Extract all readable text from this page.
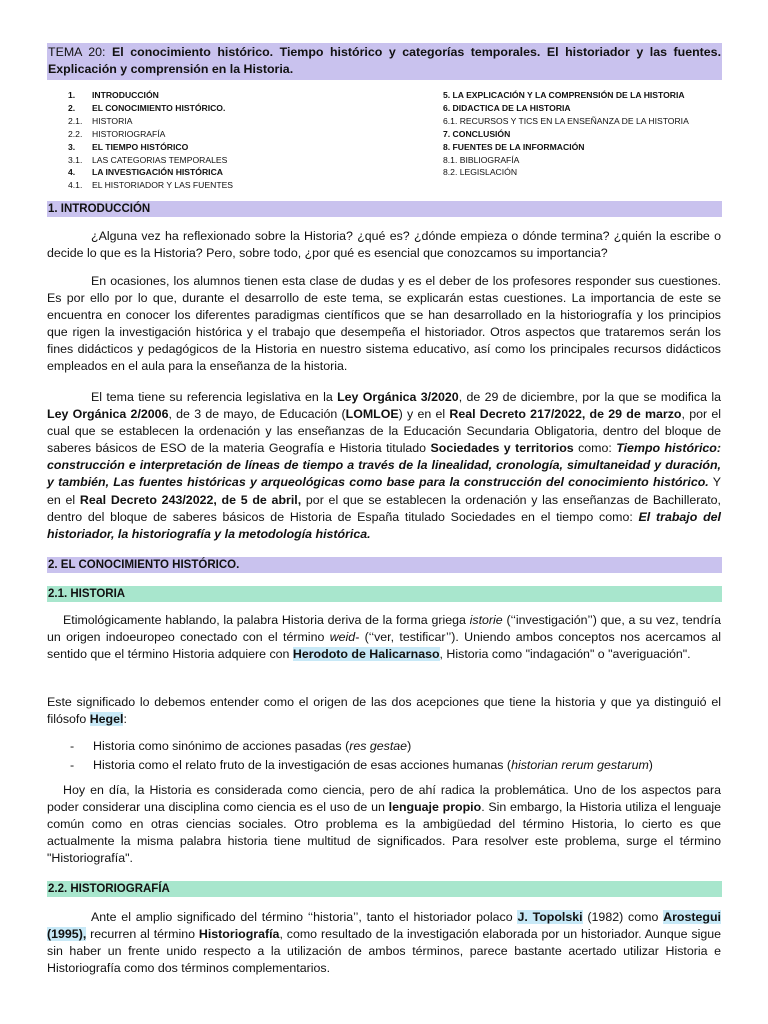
TEMA 20: El conocimiento histórico. Tiempo histórico y categorías temporales. El historiador y las fuentes. Explicación y comprensión en la Historia.
1. INTRODUCCIÓN
2. EL CONOCIMIENTO HISTÓRICO.
2.1. HISTORIA
2.2. HISTORIOGRAFÍA
3. EL TIEMPO HISTÓRICO
3.1. LAS CATEGORIAS TEMPORALES
4. LA INVESTIGACIÓN HISTÓRICA
4.1. EL HISTORIADOR Y LAS FUENTES
5. LA EXPLICACIÓN Y LA COMPRENSIÓN DE LA HISTORIA
6. DIDACTICA DE LA HISTORIA
6.1. RECURSOS Y TICS EN LA ENSEÑANZA DE LA HISTORIA
7. CONCLUSIÓN
8. FUENTES DE LA INFORMACIÓN
8.1. BIBLIOGRAFÍA
8.2. LEGISLACIÓN
1. INTRODUCCIÓN
¿Alguna vez ha reflexionado sobre la Historia? ¿qué es? ¿dónde empieza o dónde termina? ¿quién la escribe o decide lo que es la Historia? Pero, sobre todo, ¿por qué es esencial que conozcamos su importancia?
En ocasiones, los alumnos tienen esta clase de dudas y es el deber de los profesores responder sus cuestiones. Es por ello por lo que, durante el desarrollo de este tema, se explicarán estas cuestiones. La importancia de este se encuentra en conocer los diferentes paradigmas científicos que se han desarrollado en la historiografía y los principios que rigen la investigación histórica y el trabajo que desempeña el historiador. Otros aspectos que trataremos serán los fines didácticos y pedagógicos de la Historia en nuestro sistema educativo, así como los principales recursos didácticos empleados en el aula para la enseñanza de la historia.
El tema tiene su referencia legislativa en la Ley Orgánica 3/2020, de 29 de diciembre, por la que se modifica la Ley Orgánica 2/2006, de 3 de mayo, de Educación (LOMLOE) y en el Real Decreto 217/2022, de 29 de marzo, por el cual que se establecen la ordenación y las enseñanzas de la Educación Secundaria Obligatoria, dentro del bloque de saberes básicos de ESO de la materia Geografía e Historia titulado Sociedades y territorios como: Tiempo histórico: construcción e interpretación de líneas de tiempo a través de la linealidad, cronología, simultaneidad y duración, y también, Las fuentes históricas y arqueológicas como base para la construcción del conocimiento histórico. Y en el Real Decreto 243/2022, de 5 de abril, por el que se establecen la ordenación y las enseñanzas de Bachillerato, dentro del bloque de saberes básicos de Historia de España titulado Sociedades en el tiempo como: El trabajo del historiador, la historiografía y la metodología histórica.
2. EL CONOCIMIENTO HISTÓRICO.
2.1. HISTORIA
Etimológicamente hablando, la palabra Historia deriva de la forma griega istorie (‘‘investigación’’) que, a su vez, tendría un origen indoeuropeo conectado con el término weid- (‘‘ver, testificar’’). Uniendo ambos conceptos nos acercamos al sentido que el término Historia adquiere con Herodoto de Halicarnaso, Historia como "indagación" o "averiguación".
Este significado lo debemos entender como el origen de las dos acepciones que tiene la historia y que ya distinguió el filósofo Hegel:
- Historia como sinónimo de acciones pasadas (res gestae)
- Historia como el relato fruto de la investigación de esas acciones humanas (historian rerum gestarum)
Hoy en día, la Historia es considerada como ciencia, pero de ahí radica la problemática. Uno de los aspectos para poder considerar una disciplina como ciencia es el uso de un lenguaje propio. Sin embargo, la Historia utiliza el lenguaje común como en otras ciencias sociales. Otro problema es la ambigüedad del término Historia, lo cierto es que actualmente la misma palabra historia tiene multitud de significados. Para resolver este problema, surge el término "Historiografía".
2.2. HISTORIOGRAFÍA
Ante el amplio significado del término ‘‘historia’’, tanto el historiador polaco J. Topolski (1982) como Arostegui (1995), recurren al término Historiografía, como resultado de la investigación elaborada por un historiador. Aunque sigue sin haber un frente unido respecto a la utilización de ambos términos, parece bastante acertado utilizar Historia e Historiografía como dos términos complementarios.
